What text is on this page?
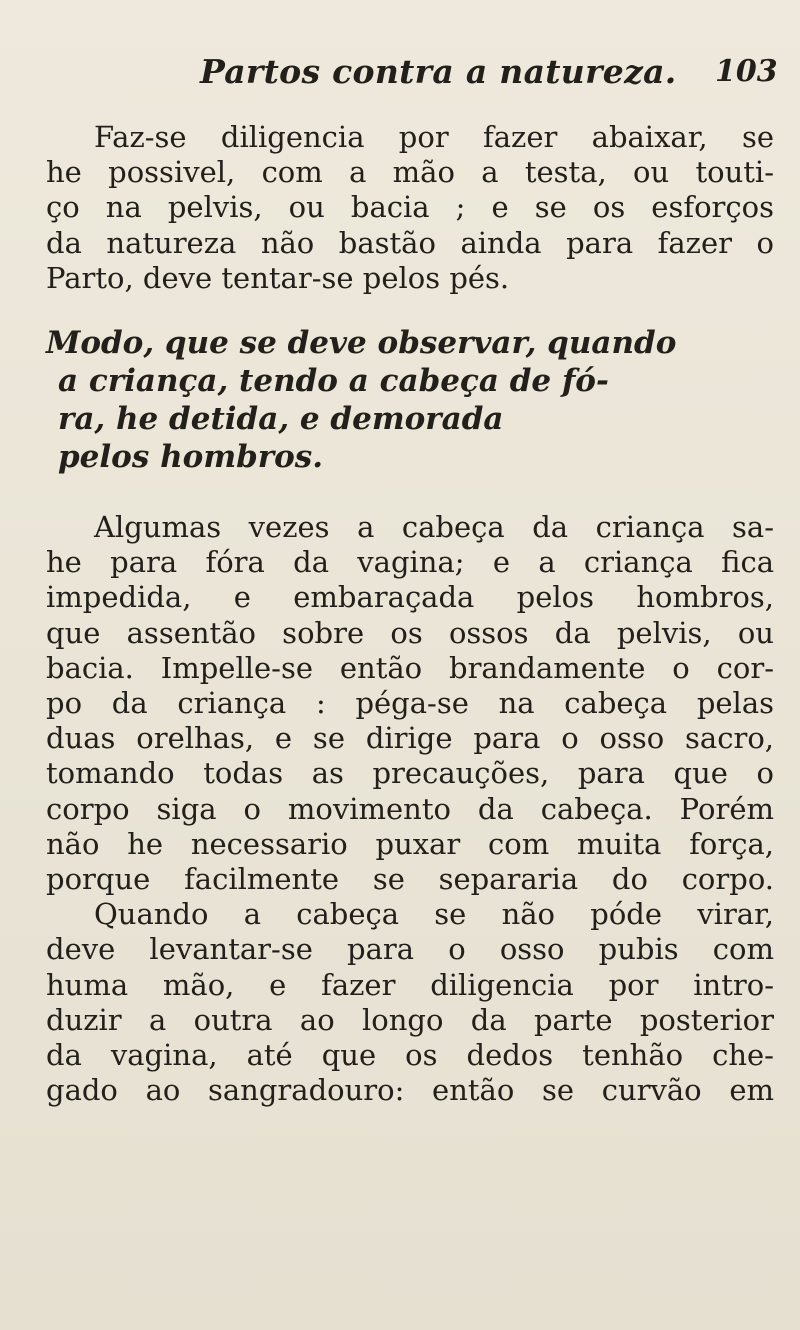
Partos contra a natureza. 103
Faz-se diligencia por fazer abaixar, se
he possivel, com a mão a testa, ou touti-
ço na pelvis, ou bacia ; e se os esforços
da natureza não bastão ainda para fazer o
Parto, deve tentar-se pelos pés.
Modo, que se deve observar, quando
a criança, tendo a cabeça de fó-
ra, he detida, e demorada
pelos hombros.
Algumas vezes a cabeça da criança sa-
he para fóra da vagina; e a criança fica
impedida, e embaraçada pelos hombros,
que assentão sobre os ossos da pelvis, ou
bacia. Impelle-se então brandamente o cor-
po da criança : péga-se na cabeça pelas
duas orelhas, e se dirige para o osso sacro,
tomando todas as precauções, para que o
corpo siga o movimento da cabeça. Porém
não he necessario puxar com muita força,
porque facilmente se separaria do corpo.
Quando a cabeça se não póde virar,
deve levantar-se para o osso pubis com
huma mão, e fazer diligencia por intro-
duzir a outra ao longo da parte posterior
da vagina, até que os dedos tenhão che-
gado ao sangradouro: então se curvão em
